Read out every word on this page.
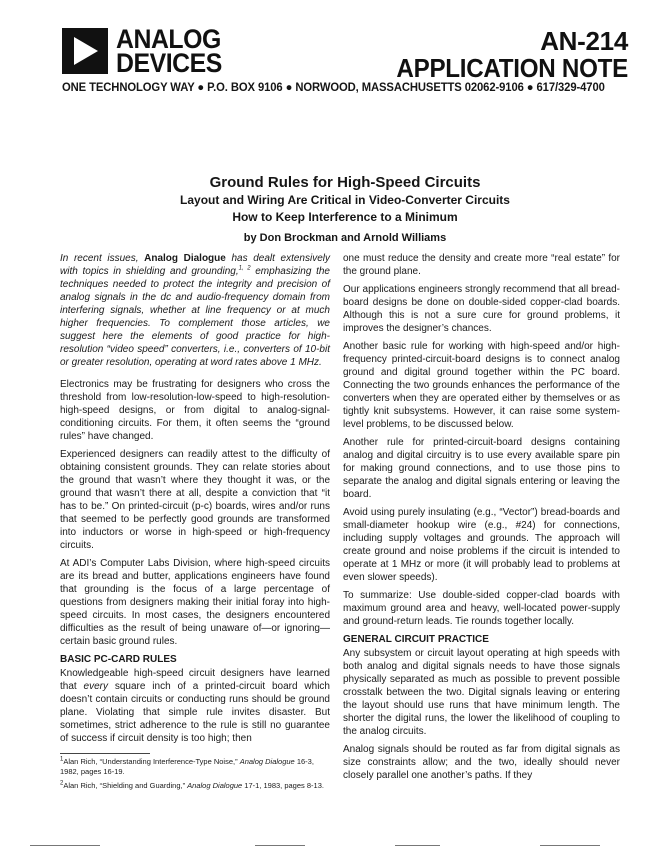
ANALOG
DEVICES
AN-214
APPLICATION NOTE
ONE TECHNOLOGY WAY ● P.O. BOX 9106 ● NORWOOD, MASSACHUSETTS 02062-9106 ● 617/329-4700
Ground Rules for High-Speed Circuits
Layout and Wiring Are Critical in Video-Converter Circuits
How to Keep Interference to a Minimum
by Don Brockman and Arnold Williams

In recent issues, Analog Dialogue has dealt extensively with topics in shielding and grounding,$^{1, 2}$ emphasizing the techniques needed to protect the integrity and precision of analog signals in the dc and audio-frequency domain from interfering signals, whether at line frequency or at much higher frequencies. To complement those articles, we suggest here the elements of good practice for high-resolution “video speed” converters, i.e., converters of 10-bit or greater resolution, operating at word rates above 1 MHz.

Electronics may be frustrating for designers who cross the threshold from low-resolution-low-speed to high-resolution-high-speed designs, or from digital to analog-signal-conditioning circuits. For them, it often seems the “ground rules” have changed.

Experienced designers can readily attest to the difficulty of obtaining consistent grounds. They can relate stories about the ground that wasn’t where they thought it was, or the ground that wasn’t there at all, despite a conviction that “it has to be.” On printed-circuit (p-c) boards, wires and/or runs that seemed to be perfectly good grounds are transformed into inductors or worse in high-speed or high-frequency circuits.

At ADI’s Computer Labs Division, where high-speed circuits are its bread and butter, applications engineers have found that grounding is the focus of a large percentage of questions from designers making their initial foray into high-speed circuits. In most cases, the designers encountered difficulties as the result of being unaware of—or ignoring—certain basic ground rules.

BASIC PC-CARD RULES

Knowledgeable high-speed circuit designers have learned that every square inch of a printed-circuit board which doesn’t contain circuits or conducting runs should be ground plane. Violating that simple rule invites disaster. But sometimes, strict adherence to the rule is still no guarantee of success if circuit density is too high; then

$^1$Alan Rich, “Understanding Interference-Type Noise,” Analog Dialogue 16-3, 1982, pages 16-19.

$^2$Alan Rich, “Shielding and Guarding,” Analog Dialogue 17-1, 1983, pages 8-13.

one must reduce the density and create more “real estate” for the ground plane.

Our applications engineers strongly recommend that all bread-board designs be done on double-sided copper-clad boards. Although this is not a sure cure for ground problems, it improves the designer’s chances.

Another basic rule for working with high-speed and/or high-frequency printed-circuit-board designs is to connect analog ground and digital ground together within the PC board. Connecting the two grounds enhances the performance of the converters when they are operated either by themselves or as tightly knit subsystems. However, it can raise some system-level problems, to be discussed below.

Another rule for printed-circuit-board designs containing analog and digital circuitry is to use every available spare pin for making ground connections, and to use those pins to separate the analog and digital signals entering or leaving the board.

Avoid using purely insulating (e.g., “Vector”) bread-boards and small-diameter hookup wire (e.g., #24) for connections, including supply voltages and grounds. The approach will create ground and noise problems if the circuit is intended to operate at 1 MHz or more (it will probably lead to problems at even slower speeds).

To summarize: Use double-sided copper-clad boards with maximum ground area and heavy, well-located power-supply and ground-return leads. Tie rounds together locally.

GENERAL CIRCUIT PRACTICE

Any subsystem or circuit layout operating at high speeds with both analog and digital signals needs to have those signals physically separated as much as possible to prevent possible crosstalk between the two. Digital signals leaving or entering the layout should use runs that have minimum length. The shorter the digital runs, the lower the likelihood of coupling to the analog circuits.

Analog signals should be routed as far from digital signals as size constraints allow; and the two, ideally should never closely parallel one another’s paths. If they
